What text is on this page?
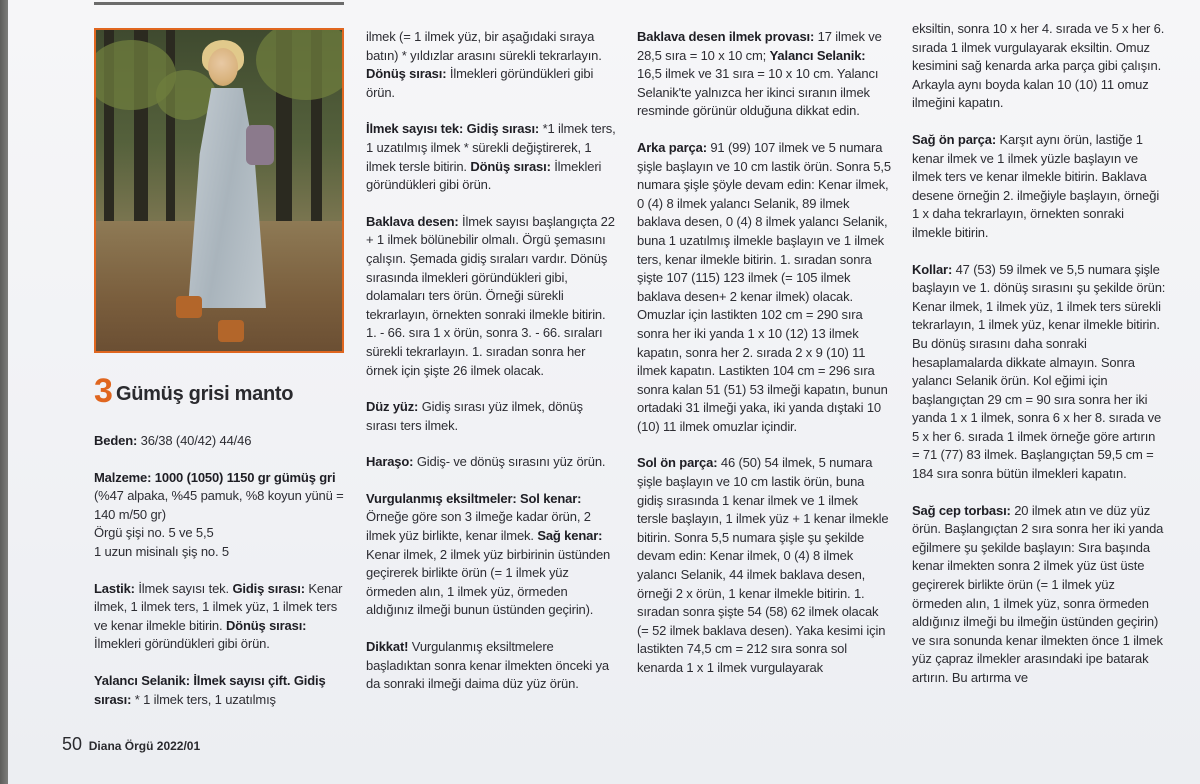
3 Gümüş grisi manto

Beden: 36/38 (40/42) 44/46

Malzeme: 1000 (1050) 1150 gr gümüş gri (%47 alpaka, %45 pamuk, %8 koyun yünü = 140 m/50 gr)
Örgü şişi no. 5 ve 5,5
1 uzun misinalı şiş no. 5

Lastik: İlmek sayısı tek. Gidiş sırası: Kenar ilmek, 1 ilmek ters, 1 ilmek yüz, 1 ilmek ters ve kenar ilmekle bitirin. Dönüş sırası: İlmekleri göründükleri gibi örün.

Yalancı Selanik: İlmek sayısı çift. Gidiş sırası: * 1 ilmek ters, 1 uzatılmış

ilmek (= 1 ilmek yüz, bir aşağıdaki sıraya batın) * yıldızlar arasını sürekli tekrarlayın. Dönüş sırası: İlmekleri göründükleri gibi örün.

İlmek sayısı tek: Gidiş sırası: *1 ilmek ters, 1 uzatılmış ilmek * sürekli değiştirerek, 1 ilmek tersle bitirin. Dönüş sırası: İlmekleri göründükleri gibi örün.

Baklava desen: İlmek sayısı başlangıçta 22 + 1 ilmek bölünebilir olmalı. Örgü şemasını çalışın. Şemada gidiş sıraları vardır. Dönüş sırasında ilmekleri göründükleri gibi, dolamaları ters örün. Örneği sürekli tekrarlayın, örnekten sonraki ilmekle bitirin. 1. - 66. sıra 1 x örün, sonra 3. - 66. sıraları sürekli tekrarlayın. 1. sıradan sonra her örnek için şişte 26 ilmek olacak.

Düz yüz: Gidiş sırası yüz ilmek, dönüş sırası ters ilmek.

Haraşo: Gidiş- ve dönüş sırasını yüz örün.

Vurgulanmış eksiltmeler: Sol kenar: Örneğe göre son 3 ilmeğe kadar örün, 2 ilmek yüz birlikte, kenar ilmek. Sağ kenar: Kenar ilmek, 2 ilmek yüz birbirinin üstünden geçirerek birlikte örün (= 1 ilmek yüz örmeden alın, 1 ilmek yüz, örmeden aldığınız ilmeği bunun üstünden geçirin).

Dikkat! Vurgulanmış eksiltmelere başladıktan sonra kenar ilmekten önceki ya da sonraki ilmeği daima düz yüz örün.

Baklava desen ilmek provası: 17 ilmek ve 28,5 sıra = 10 x 10 cm; Yalancı Selanik: 16,5 ilmek ve 31 sıra = 10 x 10 cm. Yalancı Selanik'te yalnızca her ikinci sıranın ilmek resminde görünür olduğuna dikkat edin.

Arka parça: 91 (99) 107 ilmek ve 5 numara şişle başlayın ve 10 cm lastik örün. Sonra 5,5 numara şişle şöyle devam edin: Kenar ilmek, 0 (4) 8 ilmek yalancı Selanik, 89 ilmek baklava desen, 0 (4) 8 ilmek yalancı Selanik, buna 1 uzatılmış ilmekle başlayın ve 1 ilmek ters, kenar ilmekle bitirin. 1. sıradan sonra şişte 107 (115) 123 ilmek (= 105 ilmek baklava desen+ 2 kenar ilmek) olacak. Omuzlar için lastikten 102 cm = 290 sıra sonra her iki yanda 1 x 10 (12) 13 ilmek kapatın, sonra her 2. sırada 2 x 9 (10) 11 ilmek kapatın. Lastikten 104 cm = 296 sıra sonra kalan 51 (51) 53 ilmeği kapatın, bunun ortadaki 31 ilmeği yaka, iki yanda dıştaki 10 (10) 11 ilmek omuzlar içindir.

Sol ön parça: 46 (50) 54 ilmek, 5 numara şişle başlayın ve 10 cm lastik örün, buna gidiş sırasında 1 kenar ilmek ve 1 ilmek tersle başlayın, 1 ilmek yüz + 1 kenar ilmekle bitirin. Sonra 5,5 numara şişle şu şekilde devam edin: Kenar ilmek, 0 (4) 8 ilmek yalancı Selanik, 44 ilmek baklava desen, örneği 2 x örün, 1 kenar ilmekle bitirin. 1. sıradan sonra şişte 54 (58) 62 ilmek olacak (= 52 ilmek baklava desen). Yaka kesimi için lastikten 74,5 cm = 212 sıra sonra sol kenarda 1 x 1 ilmek vurgulayarak

eksiltin, sonra 10 x her 4. sırada ve 5 x her 6. sırada 1 ilmek vurgulayarak eksiltin. Omuz kesimini sağ kenarda arka parça gibi çalışın. Arkayla aynı boyda kalan 10 (10) 11 omuz ilmeğini kapatın.

Sağ ön parça: Karşıt aynı örün, lastiğe 1 kenar ilmek ve 1 ilmek yüzle başlayın ve ilmek ters ve kenar ilmekle bitirin. Baklava desene örneğin 2. ilmeğiyle başlayın, örneği 1 x daha tekrarlayın, örnekten sonraki ilmekle bitirin.

Kollar: 47 (53) 59 ilmek ve 5,5 numara şişle başlayın ve 1. dönüş sırasını şu şekilde örün: Kenar ilmek, 1 ilmek yüz, 1 ilmek ters sürekli tekrarlayın, 1 ilmek yüz, kenar ilmekle bitirin. Bu dönüş sırasını daha sonraki hesaplamalarda dikkate almayın. Sonra yalancı Selanik örün. Kol eğimi için başlangıçtan 29 cm = 90 sıra sonra her iki yanda 1 x 1 ilmek, sonra 6 x her 8. sırada ve 5 x her 6. sırada 1 ilmek örneğe göre artırın = 71 (77) 83 ilmek. Başlangıçtan 59,5 cm = 184 sıra sonra bütün ilmekleri kapatın.

Sağ cep torbası: 20 ilmek atın ve düz yüz örün. Başlangıçtan 2 sıra sonra her iki yanda eğilmere şu şekilde başlayın: Sıra başında kenar ilmekten sonra 2 ilmek yüz üst üste geçirerek birlikte örün (= 1 ilmek yüz örmeden alın, 1 ilmek yüz, sonra örmeden aldığınız ilmeği bu ilmeğin üstünden geçirin) ve sıra sonunda kenar ilmekten önce 1 ilmek yüz çapraz ilmekler arasındaki ipe batarak artırın. Bu artırma ve

50 Diana Örgü 2022/01
